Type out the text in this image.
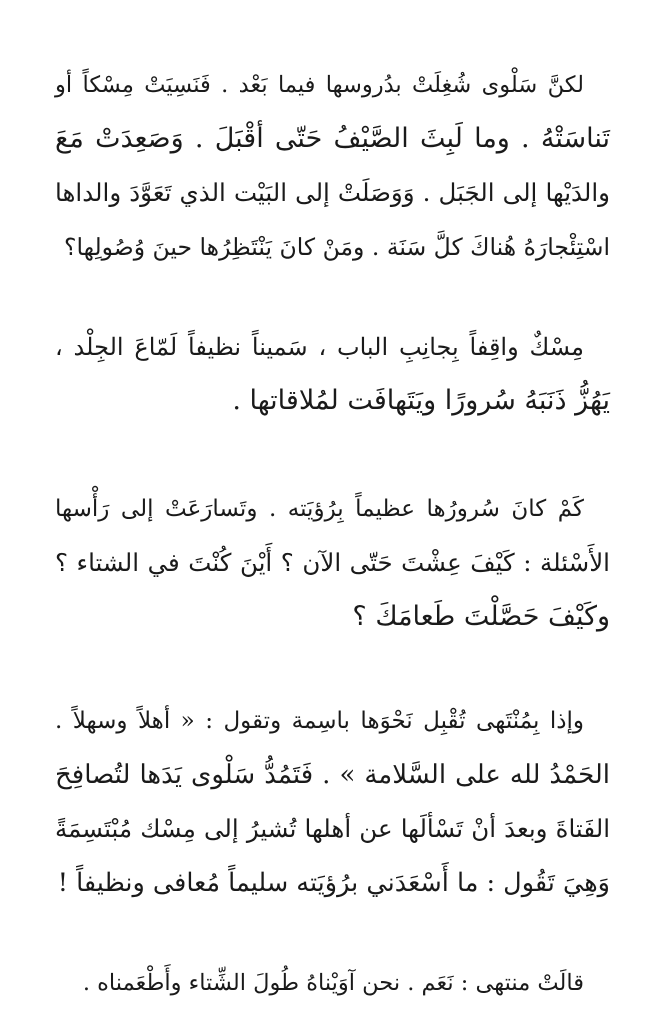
لكنَّ سَلْوى شُغِلَتْ بدُروسها فيما بَعْد . فَنَسِيَتْ مِسْكاً أو
تَناسَتْهُ . وما لَبِثَ الصَّيْفُ حَتّى أقْبَلَ . وَصَعِدَتْ مَعَ
والدَيْها إلى الجَبَل . وَوَصَلَتْ إلى البَيْت الذي تَعَوَّدَ والداها
اسْتِئْجارَهُ هُناكَ كلَّ سَنَة . ومَنْ كانَ يَنْتَظِرُها حينَ وُصُولِها؟
مِسْكٌ واقِفاً بِجانِبِ الباب ، سَميناً نظيفاً لَمّاعَ الجِلْد ،
يَهُزُّ ذَنَبَهُ سُرورًا ويَتَهافَت لمُلاقاتها .
كَمْ كانَ سُرورُها عظيماً بِرُؤيَته . وتَسارَعَتْ إلى رَأْسها
الأَسْئلة : كَيْفَ عِشْتَ حَتّى الآن ؟ أَيْنَ كُنْتَ في الشتاء ؟
وكَيْفَ حَصَّلْتَ طَعامَكَ ؟
وإذا بِمُنْتَهى تُقْبِل نَحْوَها باسِمة وتقول : « أهلاً وسهلاً .
الحَمْدُ لله على السَّلامة » . فَتَمُدُّ سَلْوى يَدَها لتُصافِحَ
الفَتاةَ وبعدَ أنْ تَسْألَها عن أهلها تُشيرُ إلى مِسْك مُبْتَسِمَةً
وَهِيَ تَقُول : ما أَسْعَدَني برُؤيَته سليماً مُعافى ونظيفاً !
قالَتْ منتهى : نَعَم . نحن آوَيْناهُ طُولَ الشِّتاء وأَطْعَمناه .
